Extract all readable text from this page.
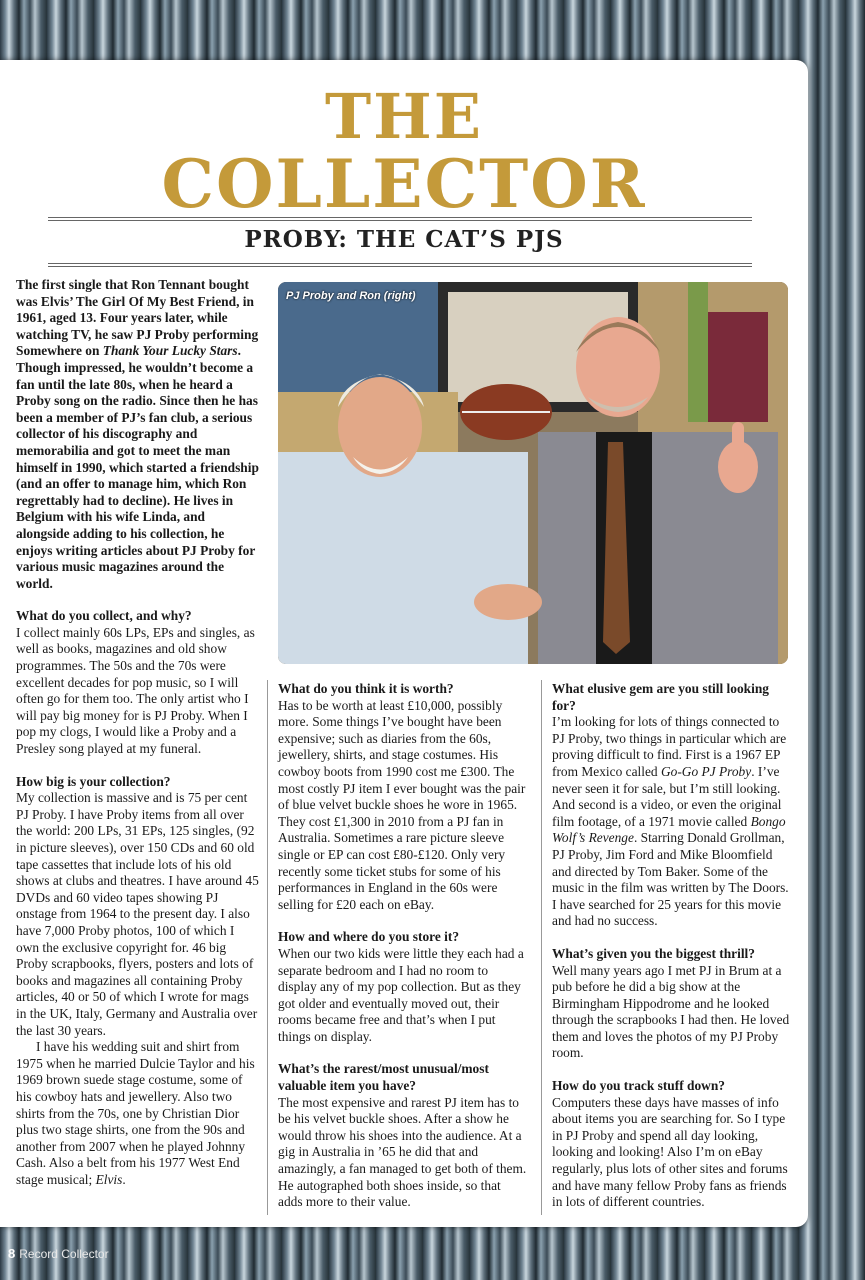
THE
COLLECTOR
PROBY: THE CAT’S PJS

The first single that Ron Tennant bought was Elvis’ The Girl Of My Best Friend, in 1961, aged 13. Four years later, while watching TV, he saw PJ Proby performing Somewhere on Thank Your Lucky Stars. Though impressed, he wouldn’t become a fan until the late 80s, when he heard a Proby song on the radio. Since then he has been a member of PJ’s fan club, a serious collector of his discography and memorabilia and got to meet the man himself in 1990, which started a friendship (and an offer to manage him, which Ron regrettably had to decline). He lives in Belgium with his wife Linda, and alongside adding to his collection, he enjoys writing articles about PJ Proby for various music magazines around the world.

What do you collect, and why?

I collect mainly 60s LPs, EPs and singles, as well as books, magazines and old show programmes. The 50s and the 70s were excellent decades for pop music, so I will often go for them too. The only artist who I will pay big money for is PJ Proby. When I pop my clogs, I would like a Proby and a Presley song played at my funeral.

How big is your collection?

My collection is massive and is 75 per cent PJ Proby. I have Proby items from all over the world: 200 LPs, 31 EPs, 125 singles, (92 in picture sleeves), over 150 CDs and 60 old tape cassettes that include lots of his old shows at clubs and theatres. I have around 45 DVDs and 60 video tapes showing PJ onstage from 1964 to the present day. I also have 7,000 Proby photos, 100 of which I own the exclusive copyright for. 46 big Proby scrapbooks, flyers, posters and lots of books and magazines all containing Proby articles, 40 or 50 of which I wrote for mags in the UK, Italy, Germany and Australia over the last 30 years.

I have his wedding suit and shirt from 1975 when he married Dulcie Taylor and his 1969 brown suede stage costume, some of his cowboy hats and jewellery. Also two shirts from the 70s, one by Christian Dior plus two stage shirts, one from the 90s and another from 2007 when he played Johnny Cash. Also a belt from his 1977 West End stage musical; Elvis.

PJ Proby and Ron (right)
What do you think it is worth?

Has to be worth at least £10,000, possibly more. Some things I’ve bought have been expensive; such as diaries from the 60s, jewellery, shirts, and stage costumes. His cowboy boots from 1990 cost me £300. The most costly PJ item I ever bought was the pair of blue velvet buckle shoes he wore in 1965. They cost £1,300 in 2010 from a PJ fan in Australia. Sometimes a rare picture sleeve single or EP can cost £80-£120. Only very recently some ticket stubs for some of his performances in England in the 60s were selling for £20 each on eBay.

How and where do you store it?

When our two kids were little they each had a separate bedroom and I had no room to display any of my pop collection. But as they got older and eventually moved out, their rooms became free and that’s when I put things on display.

What’s the rarest/most unusual/most valuable item you have?

The most expensive and rarest PJ item has to be his velvet buckle shoes. After a show he would throw his shoes into the audience. At a gig in Australia in ’65 he did that and amazingly, a fan managed to get both of them. He autographed both shoes inside, so that adds more to their value.

What elusive gem are you still looking for?

I’m looking for lots of things connected to PJ Proby, two things in particular which are proving difficult to find. First is a 1967 EP from Mexico called Go-Go PJ Proby. I’ve never seen it for sale, but I’m still looking. And second is a video, or even the original film footage, of a 1971 movie called Bongo Wolf’s Revenge. Starring Donald Grollman, PJ Proby, Jim Ford and Mike Bloomfield and directed by Tom Baker. Some of the music in the film was written by The Doors. I have searched for 25 years for this movie and had no success.

What’s given you the biggest thrill?

Well many years ago I met PJ in Brum at a pub before he did a big show at the Birmingham Hippodrome and he looked through the scrapbooks I had then. He loved them and loves the photos of my PJ Proby room.

How do you track stuff down?

Computers these days have masses of info about items you are searching for. So I type in PJ Proby and spend all day looking, looking and looking! Also I’m on eBay regularly, plus lots of other sites and forums and have many fellow Proby fans as friends in lots of different countries.

8 Record Collector
